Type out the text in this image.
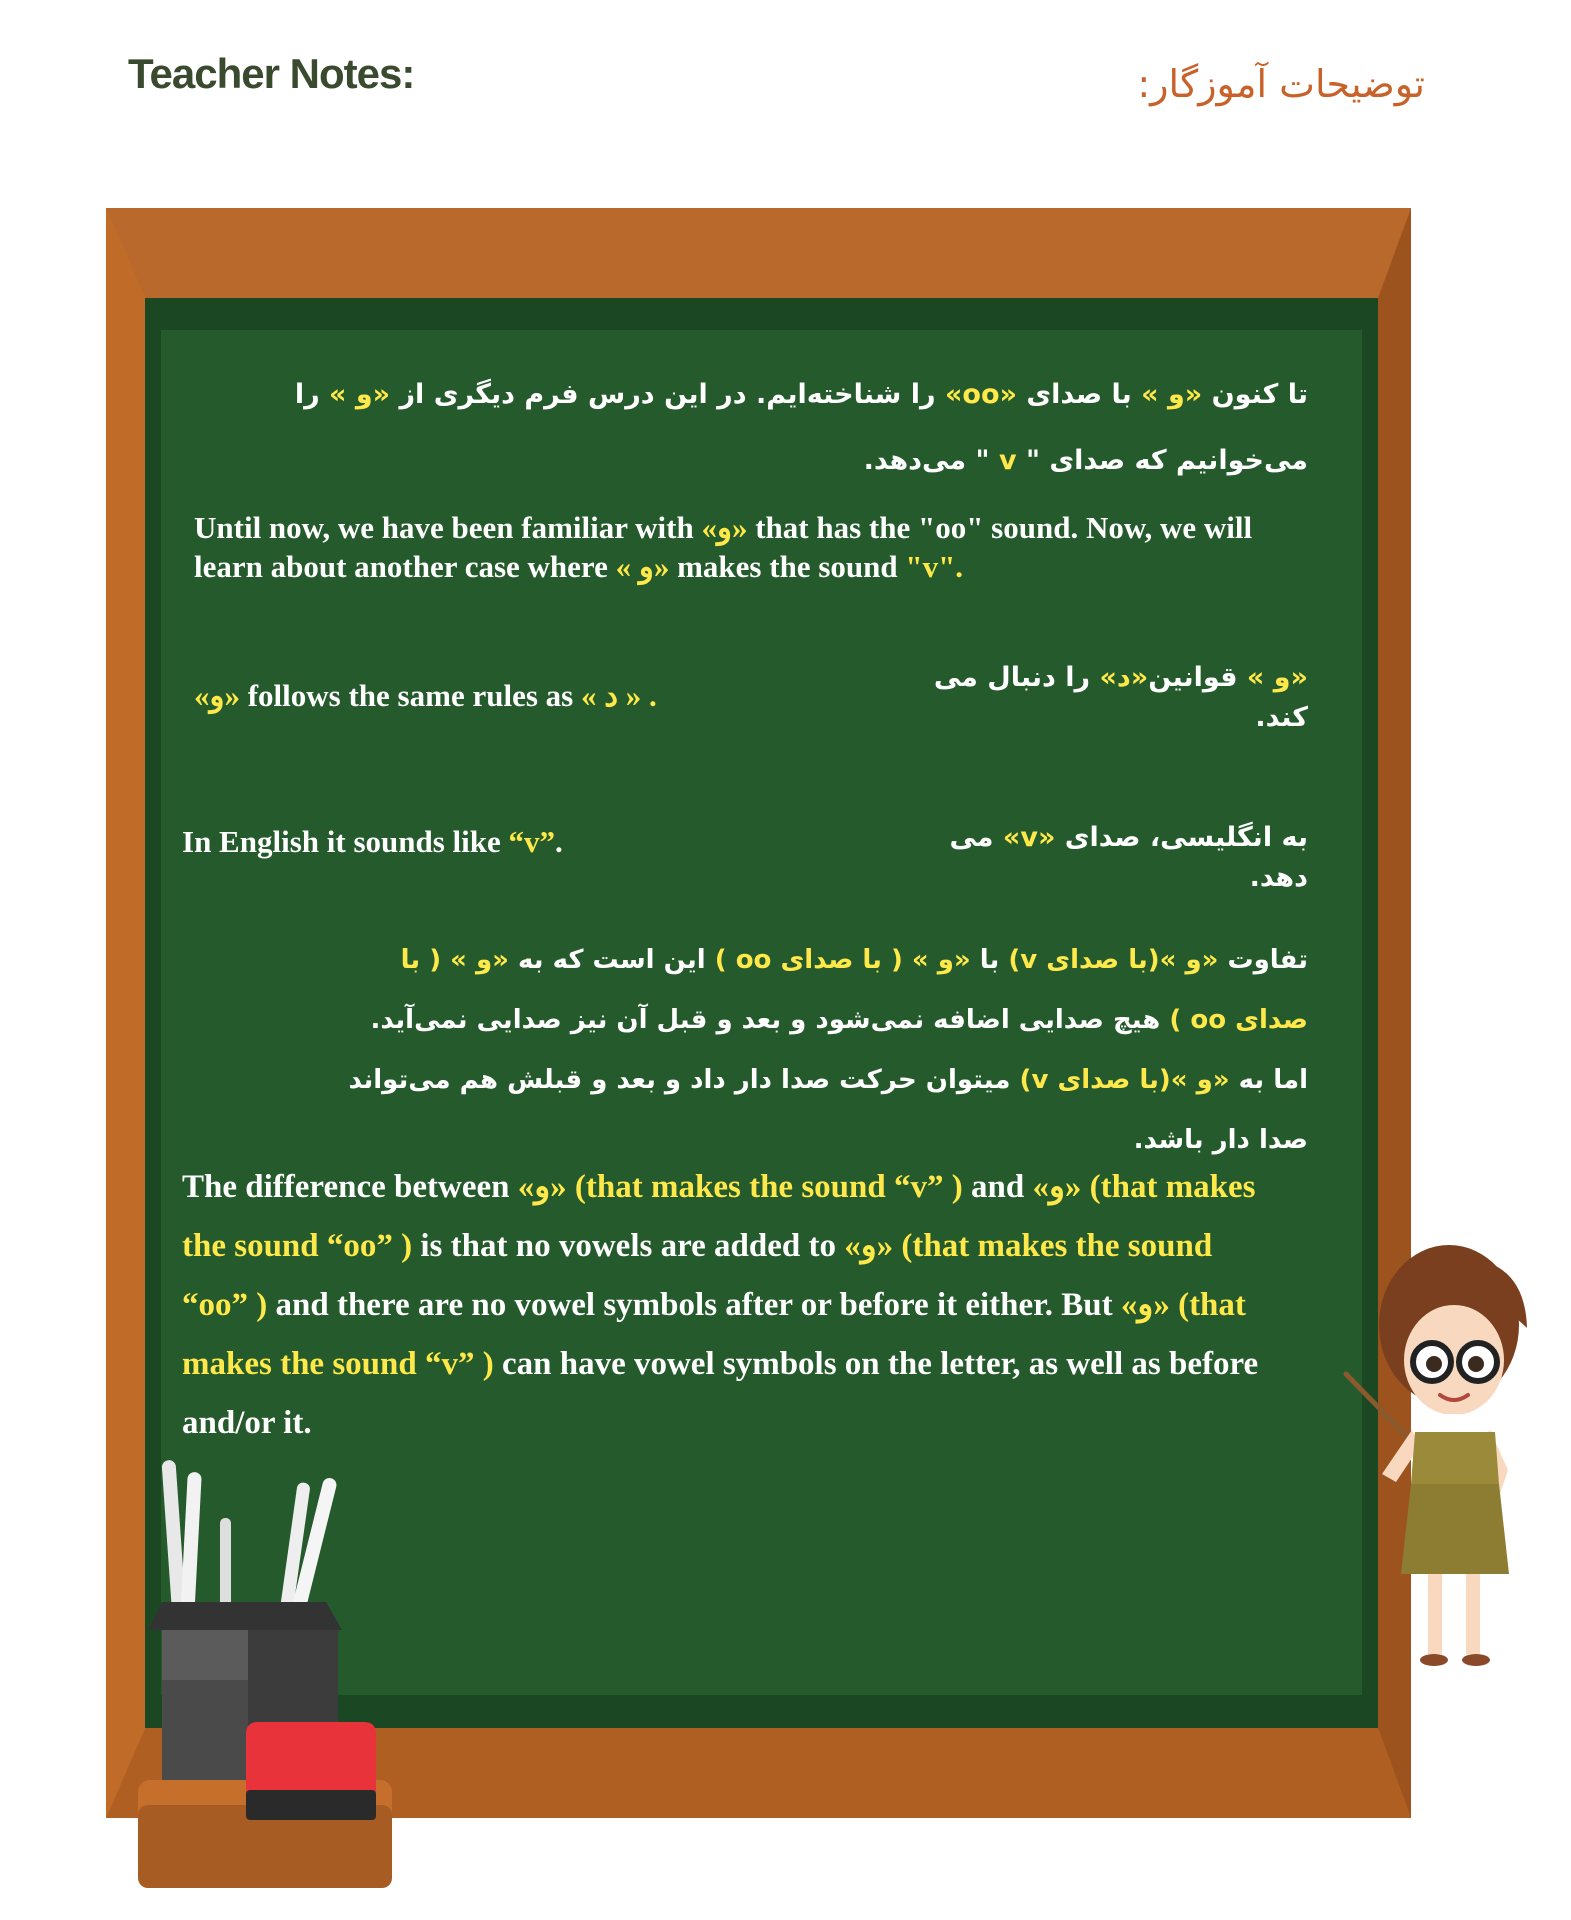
Teacher Notes:	توضیحات آموزگار:
تا کنون «و » با صدای «oo» را شناخته‌ایم. در این درس فرم دیگری از «و » را می‌خوانیم که صدای " v " می‌دهد.
Until now, we have been familiar with «و» that has the "oo" sound. Now, we will learn about another case where « و» makes the sound "v".
«و » قوانین«د» را دنبال می کند.
«و» follows the same rules as « د » .
به انگلیسی، صدای «v» می دهد.
In English it sounds like “v”.
تفاوت «و »(با صدای v) با «و » ( با صدای oo ) این است که به «و » ( با صدای oo ) هیچ صدایی اضافه نمی‌شود و بعد و قبل آن نیز صدایی نمی‌آید.
اما به «و »(با صدای v) میتوان حرکت صدا دار داد و بعد و قبلش هم می‌تواند صدا دار باشد.
The difference between «و» (that makes the sound “v” ) and «و» (that makes the sound “oo” ) is that no vowels are added to «و» (that makes the sound “oo” ) and there are no vowel symbols after or before it either. But «و» (that makes the sound “v” ) can have vowel symbols on the letter, as well as before and/or it.
